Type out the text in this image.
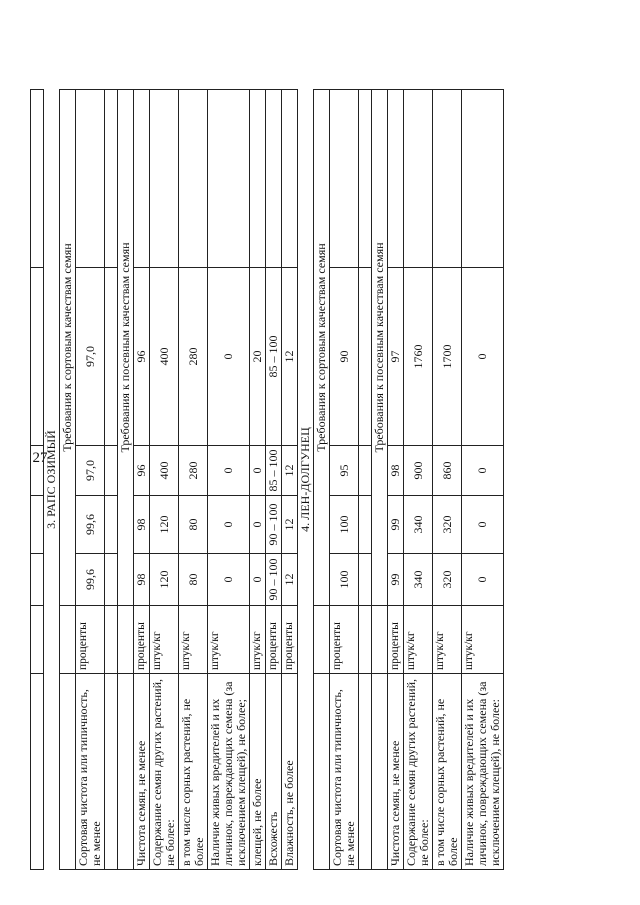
27

3. РАПС ОЗИМЫЙ						
		Требования к сортовым качествам семян				
Сортовая чистота или типичность, не менее	проценты	99,6	99,6	97,0	97,0	

		Требования к посевным качествам семян				
Чистота семян, не менее	проценты	98	98	96	96	
Содержание семян других растений, не более:	штук/кг	120	120	400	400	
в том числе сорных растений, не более	штук/кг	80	80	280	280	
Наличие живых вредителей и их личинок, повреждающих семена (за исключением клещей), не более;	штук/кг	0	0	0	0	
клещей, не более	штук/кг	0	0	0	20	
Всхожесть	проценты	90 – 100	90 – 100	85 – 100	85 – 100	
Влажность, не более	проценты	12	12	12	12	
4. ЛЕН-ДОЛГУНЕЦ						
		Требования к сортовым качествам семян				
Сортовая чистота или типичность, не менее	проценты	100	100	95	90	

		Требования к посевным качествам семян				
Чистота семян, не менее	проценты	99	99	98	97	
Содержание семян других растений, не более:	штук/кг	340	340	900	1760	
в том числе сорных растений, не более	штук/кг	320	320	860	1700	
Наличие живых вредителей и их личинок, повреждающих семена (за исключением клещей), не более:	штук/кг	0	0	0	0	
